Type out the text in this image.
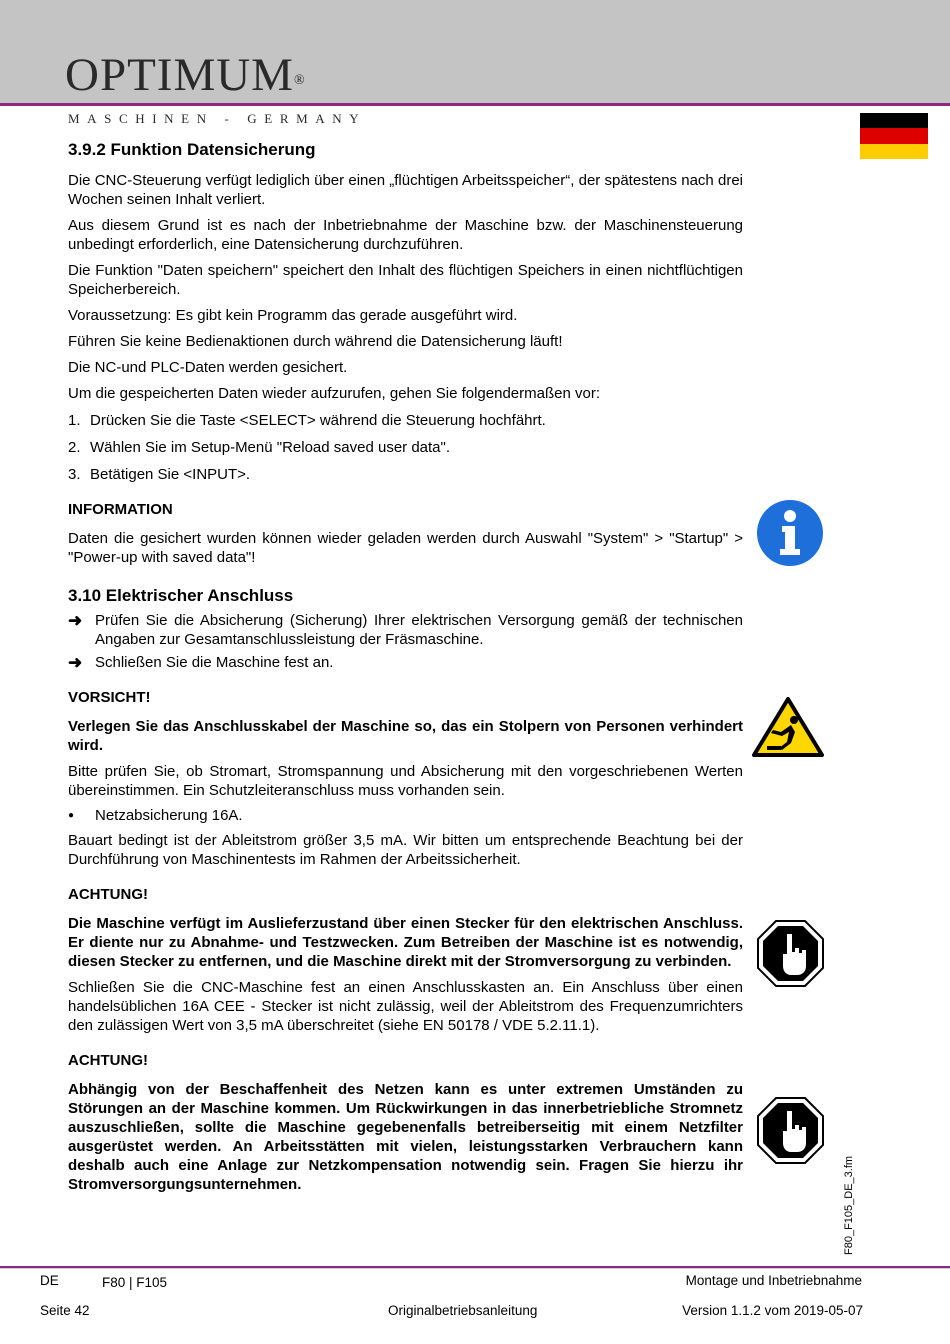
OPTIMUM®
MASCHINEN - GERMANY
3.9.2 Funktion Datensicherung

Die CNC-Steuerung verfügt lediglich über einen „flüchtigen Arbeitsspeicher“, der spätestens nach drei Wochen seinen Inhalt verliert.

Aus diesem Grund ist es nach der Inbetriebnahme der Maschine bzw. der Maschinensteuerung unbedingt erforderlich, eine Datensicherung durchzuführen.

Die Funktion "Daten speichern" speichert den Inhalt des flüchtigen Speichers in einen nichtflüchtigen Speicherbereich.

Voraussetzung: Es gibt kein Programm das gerade ausgeführt wird.

Führen Sie keine Bedienaktionen durch während die Datensicherung läuft!

Die NC-und PLC-Daten werden gesichert.

Um die gespeicherten Daten wieder aufzurufen, gehen Sie folgendermaßen vor:

1. Drücken Sie die Taste <SELECT> während die Steuerung hochfährt.
2. Wählen Sie im Setup-Menü "Reload saved user data".
3. Betätigen Sie <INPUT>.

INFORMATION

Daten die gesichert wurden können wieder geladen werden durch Auswahl "System" > "Startup" > "Power-up with saved data"!

3.10 Elektrischer Anschluss
➜ Prüfen Sie die Absicherung (Sicherung) Ihrer elektrischen Versorgung gemäß der technischen Angaben zur Gesamtanschlussleistung der Fräsmaschine.

➜ Schließen Sie die Maschine fest an.

VORSICHT!

Verlegen Sie das Anschlusskabel der Maschine so, das ein Stolpern von Personen verhindert wird.

Bitte prüfen Sie, ob Stromart, Stromspannung und Absicherung mit den vorgeschriebenen Werten übereinstimmen. Ein Schutzleiteranschluss muss vorhanden sein.

●	Netzabsicherung 16A.

Bauart bedingt ist der Ableitstrom größer 3,5 mA. Wir bitten um entsprechende Beachtung bei der Durchführung von Maschinentests im Rahmen der Arbeitssicherheit.

ACHTUNG!

Die Maschine verfügt im Auslieferzustand über einen Stecker für den elektrischen Anschluss. Er diente nur zu Abnahme- und Testzwecken. Zum Betreiben der Maschine ist es notwendig, diesen Stecker zu entfernen, und die Maschine direkt mit der Stromversorgung zu verbinden.

Schließen Sie die CNC-Maschine fest an einen Anschlusskasten an. Ein Anschluss über einen handelsüblichen 16A CEE - Stecker ist nicht zulässig, weil der Ableitstrom des Frequenzumrichters den zulässigen Wert von 3,5 mA überschreitet (siehe EN 50178 / VDE 5.2.11.1).

ACHTUNG!

Abhängig von der Beschaffenheit des Netzen kann es unter extremen Umständen zu Störungen an der Maschine kommen. Um Rückwirkungen in das innerbetriebliche Stromnetz auszuschließen, sollte die Maschine gegebenenfalls betreiberseitig mit einem Netzfilter ausgerüstet werden. An Arbeitsstätten mit vielen, leistungsstarken Verbrauchern kann deshalb auch eine Anlage zur Netzkompensation notwendig sein. Fragen Sie hierzu ihr Stromversorgungsunternehmen.	F80_F105_DE_3.fm
DE	F80 | F105	Montage und Inbetriebnahme
Seite 42	Originalbetriebsanleitung	Version 1.1.2 vom 2019-05-07
